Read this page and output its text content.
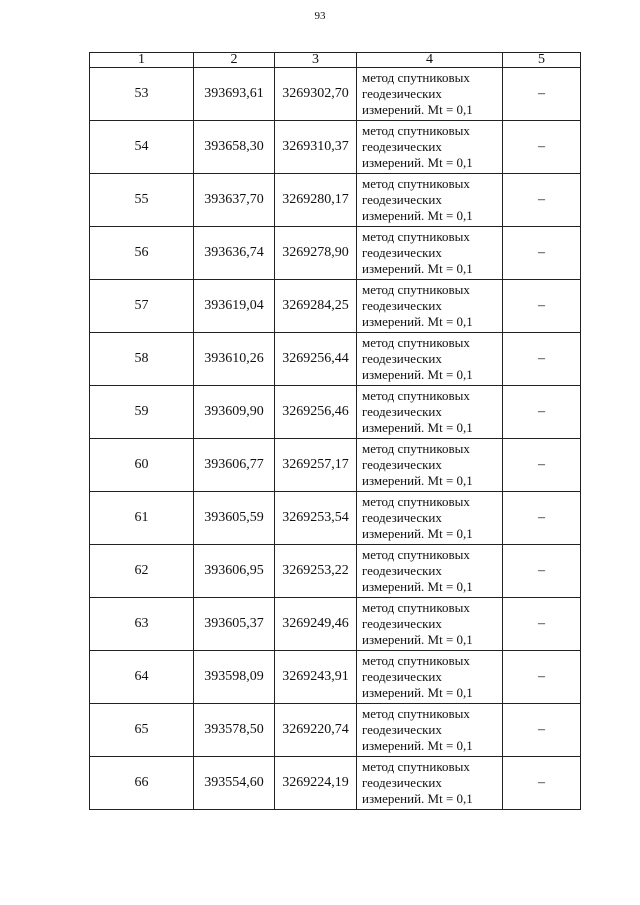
93
1	2	3	4	5
53	393693,61	3269302,70	метод спутниковых
геодезических
измерений. Mt = 0,1	–
54	393658,30	3269310,37	метод спутниковых
геодезических
измерений. Mt = 0,1	–
55	393637,70	3269280,17	метод спутниковых
геодезических
измерений. Mt = 0,1	–
56	393636,74	3269278,90	метод спутниковых
геодезических
измерений. Mt = 0,1	–
57	393619,04	3269284,25	метод спутниковых
геодезических
измерений. Mt = 0,1	–
58	393610,26	3269256,44	метод спутниковых
геодезических
измерений. Mt = 0,1	–
59	393609,90	3269256,46	метод спутниковых
геодезических
измерений. Mt = 0,1	–
60	393606,77	3269257,17	метод спутниковых
геодезических
измерений. Mt = 0,1	–
61	393605,59	3269253,54	метод спутниковых
геодезических
измерений. Mt = 0,1	–
62	393606,95	3269253,22	метод спутниковых
геодезических
измерений. Mt = 0,1	–
63	393605,37	3269249,46	метод спутниковых
геодезических
измерений. Mt = 0,1	–
64	393598,09	3269243,91	метод спутниковых
геодезических
измерений. Mt = 0,1	–
65	393578,50	3269220,74	метод спутниковых
геодезических
измерений. Mt = 0,1	–
66	393554,60	3269224,19	метод спутниковых
геодезических
измерений. Mt = 0,1	–
